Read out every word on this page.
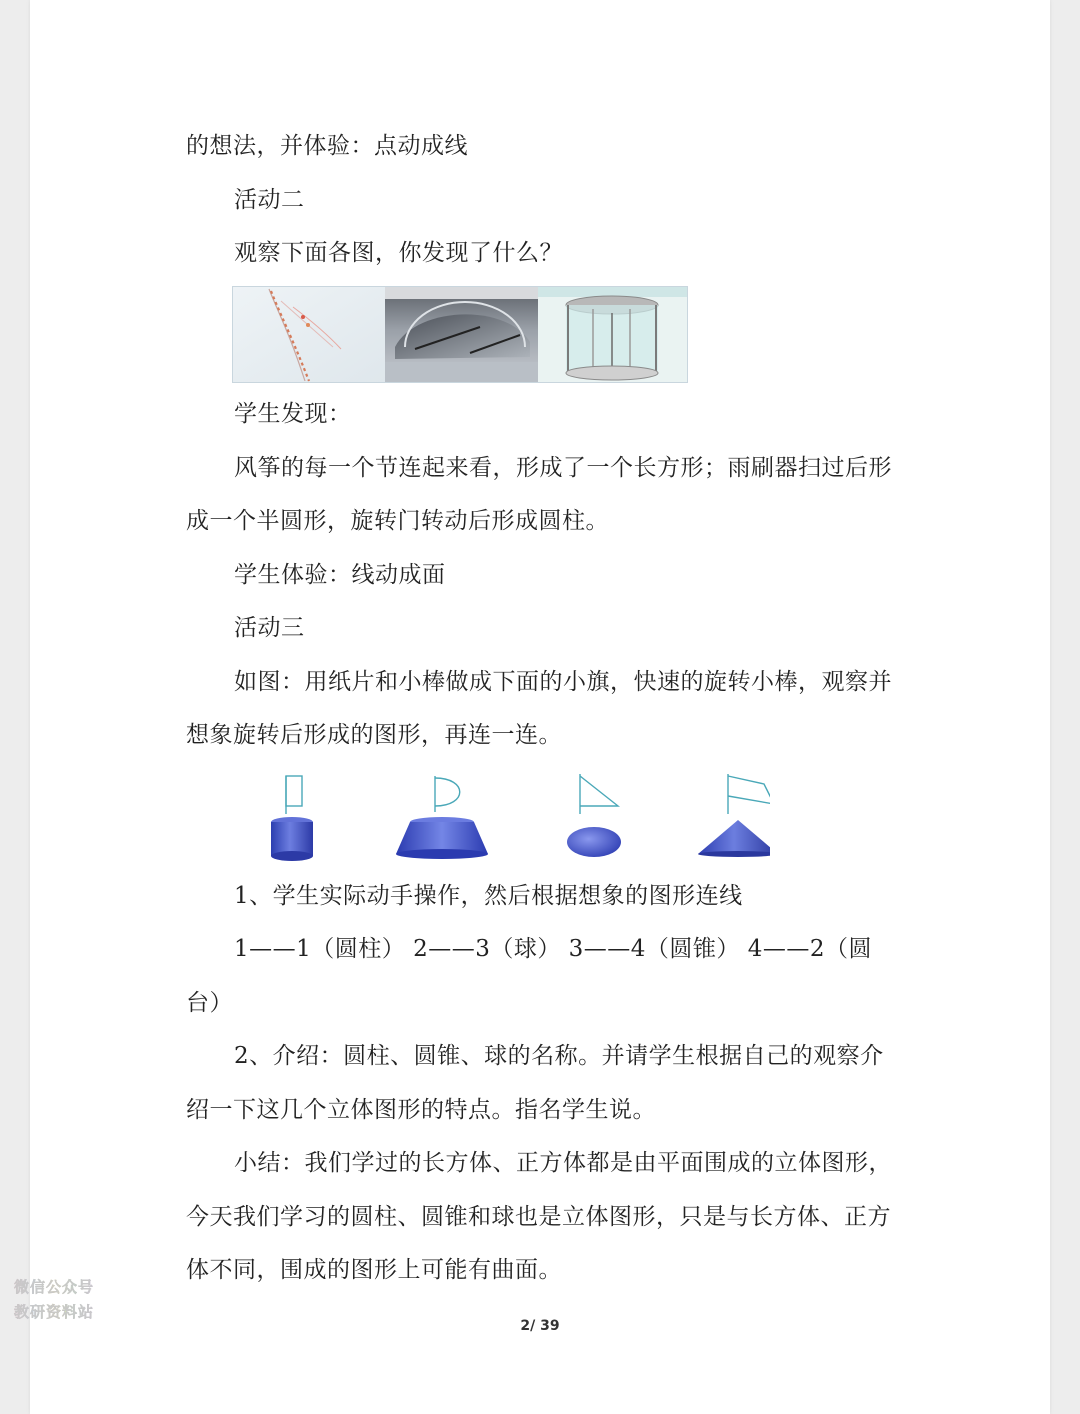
的想法，并体验：点动成线
活动二
观察下面各图，你发现了什么？
学生发现：
风筝的每一个节连起来看，形成了一个长方形；雨刷器扫过后形
成一个半圆形，旋转门转动后形成圆柱。
学生体验：线动成面
活动三
如图：用纸片和小棒做成下面的小旗，快速的旋转小棒，观察并
想象旋转后形成的图形，再连一连。
1、学生实际动手操作，然后根据想象的图形连线
1——1（圆柱） 2——3（球） 3——4（圆锥） 4——2（圆
台）
2、介绍：圆柱、圆锥、球的名称。并请学生根据自己的观察介
绍一下这几个立体图形的特点。指名学生说。
小结：我们学过的长方体、正方体都是由平面围成的立体图形，
今天我们学习的圆柱、圆锥和球也是立体图形，只是与长方体、正方
体不同，围成的图形上可能有曲面。
2/ 39
微信公众号
教研资料站
